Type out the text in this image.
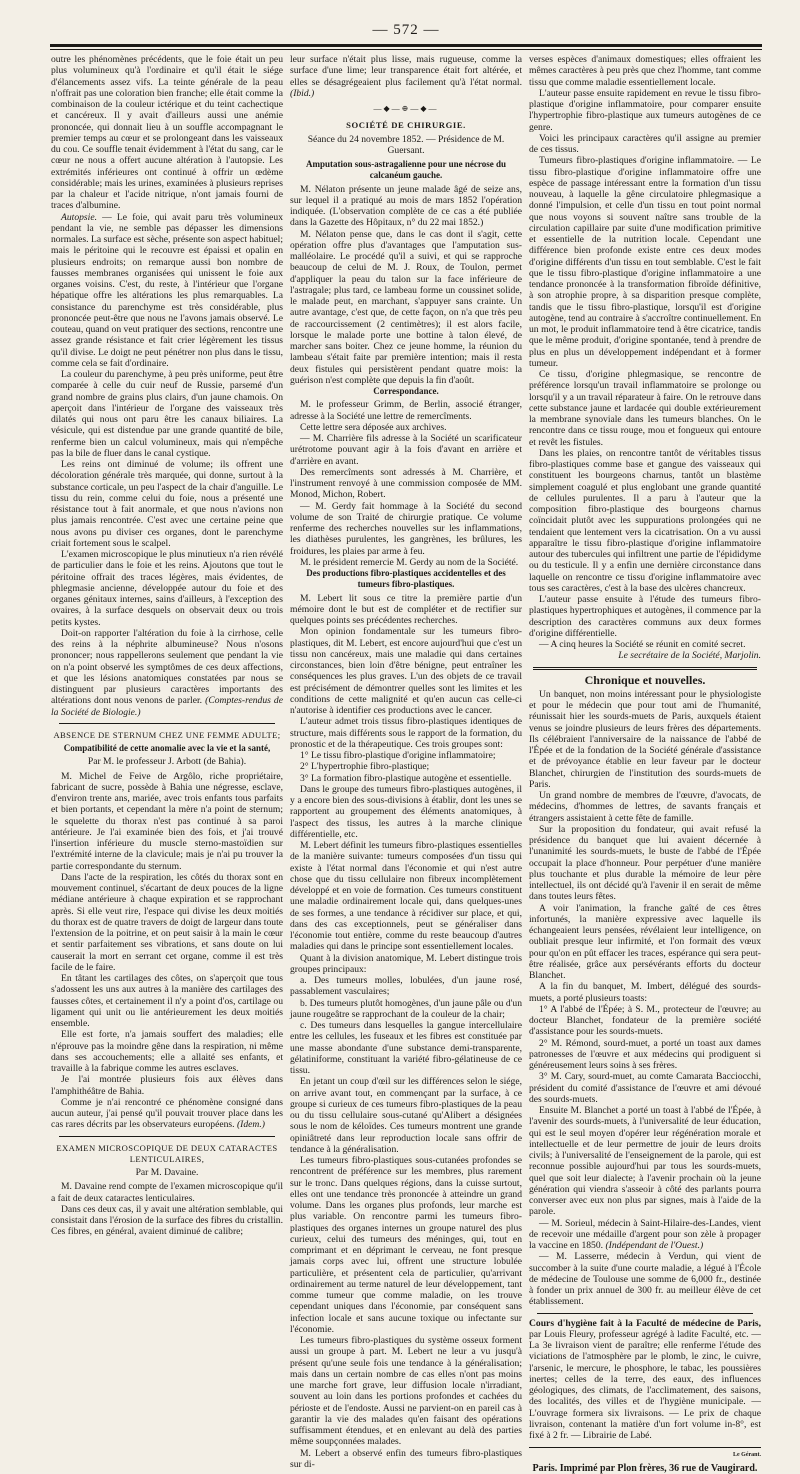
— 572 —

outre les phénomènes précédents, que le foie était un peu plus volumineux qu'à l'ordinaire et qu'il était le siége d'élancements assez vifs. La teinte générale de la peau n'offrait pas une coloration bien franche; elle était comme la combinaison de la couleur ictérique et du teint cachectique et cancéreux. Il y avait d'ailleurs aussi une anémie prononcée, qui donnait lieu à un souffle accompagnant le premier temps au cœur et se prolongeant dans les vaisseaux du cou. Ce souffle tenait évidemment à l'état du sang, car le cœur ne nous a offert aucune altération à l'autopsie. Les extrémités inférieures ont continué à offrir un œdème considérable; mais les urines, examinées à plusieurs reprises par la chaleur et l'acide nitrique, n'ont jamais fourni de traces d'albumine.

Autopsie. — Le foie, qui avait paru très volumineux pendant la vie, ne semble pas dépasser les dimensions normales. La surface est sèche, présente son aspect habituel; mais le péritoine qui le recouvre est épaissi et opalin en plusieurs endroits; on remarque aussi bon nombre de fausses membranes organisées qui unissent le foie aux organes voisins. C'est, du reste, à l'intérieur que l'organe hépatique offre les altérations les plus remarquables. La consistance du parenchyme est très considérable, plus prononcée peut-être que nous ne l'avons jamais observé. Le couteau, quand on veut pratiquer des sections, rencontre une assez grande résistance et fait crier légèrement les tissus qu'il divise. Le doigt ne peut pénétrer non plus dans le tissu, comme cela se fait d'ordinaire.

La couleur du parenchyme, à peu près uniforme, peut être comparée à celle du cuir neuf de Russie, parsemé d'un grand nombre de grains plus clairs, d'un jaune chamois. On aperçoit dans l'intérieur de l'organe des vaisseaux très dilatés qui nous ont paru être les canaux biliaires. La vésicule, qui est distendue par une grande quantité de bile, renferme bien un calcul volumineux, mais qui n'empêche pas la bile de fluer dans le canal cystique.

Les reins ont diminué de volume; ils offrent une décoloration générale très marquée, qui donne, surtout à la substance corticale, un peu l'aspect de la chair d'anguille. Le tissu du rein, comme celui du foie, nous a présenté une résistance tout à fait anormale, et que nous n'avions non plus jamais rencontrée. C'est avec une certaine peine que nous avons pu diviser ces organes, dont le parenchyme criait fortement sous le scalpel.

L'examen microscopique le plus minutieux n'a rien révélé de particulier dans le foie et les reins. Ajoutons que tout le péritoine offrait des traces légères, mais évidentes, de phlegmasie ancienne, développée autour du foie et des organes génitaux internes, sains d'ailleurs, à l'exception des ovaires, à la surface desquels on observait deux ou trois petits kystes.

Doit-on rapporter l'altération du foie à la cirrhose, celle des reins à la néphrite albumineuse? Nous n'osons prononcer; nous rappellerons seulement que pendant la vie on n'a point observé les symptômes de ces deux affections, et que les lésions anatomiques constatées par nous se distinguent par plusieurs caractères importants des altérations dont nous venons de parler. (Comptes-rendus de la Société de Biologie.)

ABSENCE DE STERNUM CHEZ UNE FEMME ADULTE;
Compatibilité de cette anomalie avec la vie et la santé,
Par M. le professeur J. Arbott (de Bahia).

M. Michel de Feive de Argôlo, riche propriétaire, fabricant de sucre, possède à Bahia une négresse, esclave, d'environ trente ans, mariée, avec trois enfants tous parfaits et bien portants, et cependant la mère n'a point de sternum; le squelette du thorax n'est pas continué à sa paroi antérieure. Je l'ai examinée bien des fois, et j'ai trouvé l'insertion inférieure du muscle sterno-mastoïdien sur l'extrémité interne de la clavicule; mais je n'ai pu trouver la partie correspondante du sternum.

Dans l'acte de la respiration, les côtés du thorax sont en mouvement continuel, s'écartant de deux pouces de la ligne médiane antérieure à chaque expiration et se rapprochant après. Si elle veut rire, l'espace qui divise les deux moitiés du thorax est de quatre travers de doigt de largeur dans toute l'extension de la poitrine, et on peut saisir à la main le cœur et sentir parfaitement ses vibrations, et sans doute on lui causerait la mort en serrant cet organe, comme il est très facile de le faire.

En tâtant les cartilages des côtes, on s'aperçoit que tous s'adossent les uns aux autres à la manière des cartilages des fausses côtes, et certainement il n'y a point d'os, cartilage ou ligament qui unit ou lie antérieurement les deux moitiés ensemble.

Elle est forte, n'a jamais souffert des maladies; elle n'éprouve pas la moindre gêne dans la respiration, ni même dans ses accouchements; elle a allaité ses enfants, et travaille à la fabrique comme les autres esclaves.

Je l'ai montrée plusieurs fois aux élèves dans l'amphithéâtre de Bahia.

Comme je n'ai rencontré ce phénomène consigné dans aucun auteur, j'ai pensé qu'il pouvait trouver place dans les cas rares décrits par les observateurs européens. (Idem.)

EXAMEN MICROSCOPIQUE DE DEUX CATARACTES LENTICULAIRES,
Par M. Davaine.

M. Davaine rend compte de l'examen microscopique qu'il a fait de deux cataractes lenticulaires.

Dans ces deux cas, il y avait une altération semblable, qui consistait dans l'érosion de la surface des fibres du cristallin. Ces fibres, en général, avaient diminué de calibre;

leur surface n'était plus lisse, mais rugueuse, comme la surface d'une lime; leur transparence était fort altérée, et elles se désagrégeaient plus facilement qu'à l'état normal. (Ibid.)

—◆—⊕—◆—
SOCIÉTÉ DE CHIRURGIE.
Séance du 24 novembre 1852. — Présidence de M. Guersant.
Amputation sous-astragalienne pour une nécrose du calcanéum gauche.

M. Nélaton présente un jeune malade âgé de seize ans, sur lequel il a pratiqué au mois de mars 1852 l'opération indiquée. (L'observation complète de ce cas a été publiée dans la Gazette des Hôpitaux, n° du 22 mai 1852.)

M. Nélaton pense que, dans le cas dont il s'agit, cette opération offre plus d'avantages que l'amputation sus-malléolaire. Le procédé qu'il a suivi, et qui se rapproche beaucoup de celui de M. J. Roux, de Toulon, permet d'appliquer la peau du talon sur la face inférieure de l'astragale; plus tard, ce lambeau forme un coussinet solide, le malade peut, en marchant, s'appuyer sans crainte. Un autre avantage, c'est que, de cette façon, on n'a que très peu de raccourcissement (2 centimètres); il est alors facile, lorsque le malade porte une bottine à talon élevé, de marcher sans boiter. Chez ce jeune homme, la réunion du lambeau s'était faite par première intention; mais il resta deux fistules qui persistèrent pendant quatre mois: la guérison n'est complète que depuis la fin d'août.

Correspondance.

M. le professeur Grimm, de Berlin, associé étranger, adresse à la Société une lettre de remercîments.

Cette lettre sera déposée aux archives.

— M. Charrière fils adresse à la Société un scarificateur urétrotome pouvant agir à la fois d'avant en arrière et d'arrière en avant.

Des remercîments sont adressés à M. Charrière, et l'instrument renvoyé à une commission composée de MM. Monod, Michon, Robert.

— M. Gerdy fait hommage à la Société du second volume de son Traité de chirurgie pratique. Ce volume renferme des recherches nouvelles sur les inflammations, les diathèses purulentes, les gangrènes, les brûlures, les froidures, les plaies par arme à feu.

M. le président remercie M. Gerdy au nom de la Société.

Des productions fibro-plastiques accidentelles et des tumeurs fibro-plastiques.

M. Lebert lit sous ce titre la première partie d'un mémoire dont le but est de compléter et de rectifier sur quelques points ses précédentes recherches.

Mon opinion fondamentale sur les tumeurs fibro-plastiques, dit M. Lebert, est encore aujourd'hui que c'est un tissu non cancéreux, mais une maladie qui dans certaines circonstances, bien loin d'être bénigne, peut entraîner les conséquences les plus graves. L'un des objets de ce travail est précisément de démontrer quelles sont les limites et les conditions de cette malignité et qu'en aucun cas celle-ci n'autorise à identifier ces productions avec le cancer.

L'auteur admet trois tissus fibro-plastiques identiques de structure, mais différents sous le rapport de la formation, du pronostic et de la thérapeutique. Ces trois groupes sont:

1° Le tissu fibro-plastique d'origine inflammatoire;

2° L'hypertrophie fibro-plastique;

3° La formation fibro-plastique autogène et essentielle.

Dans le groupe des tumeurs fibro-plastiques autogènes, il y a encore bien des sous-divisions à établir, dont les unes se rapportent au groupement des éléments anatomiques, à l'aspect des tissus, les autres à la marche clinique différentielle, etc.

M. Lebert définit les tumeurs fibro-plastiques essentielles de la manière suivante: tumeurs composées d'un tissu qui existe à l'état normal dans l'économie et qui n'est autre chose que du tissu cellulaire non fibreux incomplètement développé et en voie de formation. Ces tumeurs constituent une maladie ordinairement locale qui, dans quelques-unes de ses formes, a une tendance à récidiver sur place, et qui, dans des cas exceptionnels, peut se généraliser dans l'économie tout entière, comme du reste beaucoup d'autres maladies qui dans le principe sont essentiellement locales.

Quant à la division anatomique, M. Lebert distingue trois groupes principaux:

a. Des tumeurs molles, lobulées, d'un jaune rosé, passablement vasculaires;

b. Des tumeurs plutôt homogènes, d'un jaune pâle ou d'un jaune rougeâtre se rapprochant de la couleur de la chair;

c. Des tumeurs dans lesquelles la gangue intercellulaire entre les cellules, les fuseaux et les fibres est constituée par une masse abondante d'une substance demi-transparente, gélatiniforme, constituant la variété fibro-gélatineuse de ce tissu.

En jetant un coup d'œil sur les différences selon le siége, on arrive avant tout, en commençant par la surface, à ce groupe si curieux de ces tumeurs fibro-plastiques de la peau ou du tissu cellulaire sous-cutané qu'Alibert a désignées sous le nom de kéloïdes. Ces tumeurs montrent une grande opiniâtreté dans leur reproduction locale sans offrir de tendance à la généralisation.

Les tumeurs fibro-plastiques sous-cutanées profondes se rencontrent de préférence sur les membres, plus rarement sur le tronc. Dans quelques régions, dans la cuisse surtout, elles ont une tendance très prononcée à atteindre un grand volume. Dans les organes plus profonds, leur marche est plus variable. On rencontre parmi les tumeurs fibro-plastiques des organes internes un groupe naturel des plus curieux, celui des tumeurs des méninges, qui, tout en comprimant et en déprimant le cerveau, ne font presque jamais corps avec lui, offrent une structure lobulée particulière, et présentent cela de particulier, qu'arrivant ordinairement au terme naturel de leur développement, tant comme tumeur que comme maladie, on les trouve cependant uniques dans l'économie, par conséquent sans infection locale et sans aucune toxique ou infectante sur l'économie.

Les tumeurs fibro-plastiques du système osseux forment aussi un groupe à part. M. Lebert ne leur a vu jusqu'à présent qu'une seule fois une tendance à la généralisation; mais dans un certain nombre de cas elles n'ont pas moins une marche fort grave, leur diffusion locale n'irradiant, souvent au loin dans les portions profondes et cachées du périoste et de l'endoste. Aussi ne parvient-on en pareil cas à garantir la vie des malades qu'en faisant des opérations suffisamment étendues, et en enlevant au delà des parties même soupçonnées malades.

M. Lebert a observé enfin des tumeurs fibro-plastiques sur di-

verses espèces d'animaux domestiques; elles offraient les mêmes caractères à peu près que chez l'homme, tant comme tissu que comme maladie essentiellement locale.

L'auteur passe ensuite rapidement en revue le tissu fibro-plastique d'origine inflammatoire, pour comparer ensuite l'hypertrophie fibro-plastique aux tumeurs autogènes de ce genre.

Voici les principaux caractères qu'il assigne au premier de ces tissus.

Tumeurs fibro-plastiques d'origine inflammatoire. — Le tissu fibro-plastique d'origine inflammatoire offre une espèce de passage intéressant entre la formation d'un tissu nouveau, à laquelle la gêne circulatoire phlegmasique a donné l'impulsion, et celle d'un tissu en tout point normal que nous voyons si souvent naître sans trouble de la circulation capillaire par suite d'une modification primitive et essentielle de la nutrition locale. Cependant une différence bien profonde existe entre ces deux modes d'origine différents d'un tissu en tout semblable. C'est le fait que le tissu fibro-plastique d'origine inflammatoire a une tendance prononcée à la transformation fibroïde définitive, à son atrophie propre, à sa disparition presque complète, tandis que le tissu fibro-plastique, lorsqu'il est d'origine autogène, tend au contraire à s'accroître continuellement. En un mot, le produit inflammatoire tend à être cicatrice, tandis que le même produit, d'origine spontanée, tend à prendre de plus en plus un développement indépendant et à former tumeur.

Ce tissu, d'origine phlegmasique, se rencontre de préférence lorsqu'un travail inflammatoire se prolonge ou lorsqu'il y a un travail réparateur à faire. On le retrouve dans cette substance jaune et lardacée qui double extérieurement la membrane synoviale dans les tumeurs blanches. On le rencontre dans ce tissu rouge, mou et fongueux qui entoure et revêt les fistules.

Dans les plaies, on rencontre tantôt de véritables tissus fibro-plastiques comme base et gangue des vaisseaux qui constituent les bourgeons charnus, tantôt un blastème simplement coagulé et plus englobant une grande quantité de cellules purulentes. Il a paru à l'auteur que la composition fibro-plastique des bourgeons charnus coïncidait plutôt avec les suppurations prolongées qui ne tendaient que lentement vers la cicatrisation. On a vu aussi apparaître le tissu fibro-plastique d'origine inflammatoire autour des tubercules qui infiltrent une partie de l'épididyme ou du testicule. Il y a enfin une dernière circonstance dans laquelle on rencontre ce tissu d'origine inflammatoire avec tous ses caractères, c'est à la base des ulcères chancreux.

L'auteur passe ensuite à l'étude des tumeurs fibro-plastiques hypertrophiques et autogènes, il commence par la description des caractères communs aux deux formes d'origine différentielle.

— A cinq heures la Société se réunit en comité secret.

Le secrétaire de la Société, Marjolin.

Chronique et nouvelles.

Un banquet, non moins intéressant pour le physiologiste et pour le médecin que pour tout ami de l'humanité, réunissait hier les sourds-muets de Paris, auxquels étaient venus se joindre plusieurs de leurs frères des départements. Ils célébraient l'anniversaire de la naissance de l'abbé de l'Épée et de la fondation de la Société générale d'assistance et de prévoyance établie en leur faveur par le docteur Blanchet, chirurgien de l'institution des sourds-muets de Paris.

Un grand nombre de membres de l'œuvre, d'avocats, de médecins, d'hommes de lettres, de savants français et étrangers assistaient à cette fête de famille.

Sur la proposition du fondateur, qui avait refusé la présidence du banquet que lui avaient décernée à l'unanimité les sourds-muets, le buste de l'abbé de l'Épée occupait la place d'honneur. Pour perpétuer d'une manière plus touchante et plus durable la mémoire de leur père intellectuel, ils ont décidé qu'à l'avenir il en serait de même dans toutes leurs fêtes.

A voir l'animation, la franche gaîté de ces êtres infortunés, la manière expressive avec laquelle ils échangeaient leurs pensées, révélaient leur intelligence, on oubliait presque leur infirmité, et l'on formait des vœux pour qu'on en pût effacer les traces, espérance qui sera peut-être réalisée, grâce aux persévérants efforts du docteur Blanchet.

A la fin du banquet, M. Imbert, délégué des sourds-muets, a porté plusieurs toasts:

1° A l'abbé de l'Épée; à S. M., protecteur de l'œuvre; au docteur Blanchet, fondateur de la première société d'assistance pour les sourds-muets.

2° M. Rémond, sourd-muet, a porté un toast aux dames patronesses de l'œuvre et aux médecins qui prodiguent si généreusement leurs soins à ses frères.

3° M. Cary, sourd-muet, au comte Camarata Bacciocchi, président du comité d'assistance de l'œuvre et ami dévoué des sourds-muets.

Ensuite M. Blanchet a porté un toast à l'abbé de l'Épée, à l'avenir des sourds-muets, à l'universalité de leur éducation, qui est le seul moyen d'opérer leur régénération morale et intellectuelle et de leur permettre de jouir de leurs droits civils; à l'universalité de l'enseignement de la parole, qui est reconnue possible aujourd'hui par tous les sourds-muets, quel que soit leur dialecte; à l'avenir prochain où la jeune génération qui viendra s'asseoir à côté des parlants pourra converser avec eux non plus par signes, mais à l'aide de la parole.

— M. Sorieul, médecin à Saint-Hilaire-des-Landes, vient de recevoir une médaille d'argent pour son zèle à propager la vaccine en 1850. (Indépendant de l'Ouest.)

— M. Lasserre, médecin à Verdun, qui vient de succomber à la suite d'une courte maladie, a légué à l'École de médecine de Toulouse une somme de 6,000 fr., destinée à fonder un prix annuel de 300 fr. au meilleur élève de cet établissement.

Cours d'hygiène fait à la Faculté de médecine de Paris, par Louis Fleury, professeur agrégé à ladite Faculté, etc. — La 3e livraison vient de paraître; elle renferme l'étude des viciations de l'atmosphère par le plomb, le zinc, le cuivre, l'arsenic, le mercure, le phosphore, le tabac, les poussières inertes; celles de la terre, des eaux, des influences géologiques, des climats, de l'acclimatement, des saisons, des localités, des villes et de l'hygiène municipale. — L'ouvrage formera six livraisons. — Le prix de chaque livraison, contenant la matière d'un fort volume in-8°, est fixé à 2 fr. — Librairie de Labé.

Le Gérant.
Paris. Imprimé par Plon frères, 36 rue de Vaugirard.
